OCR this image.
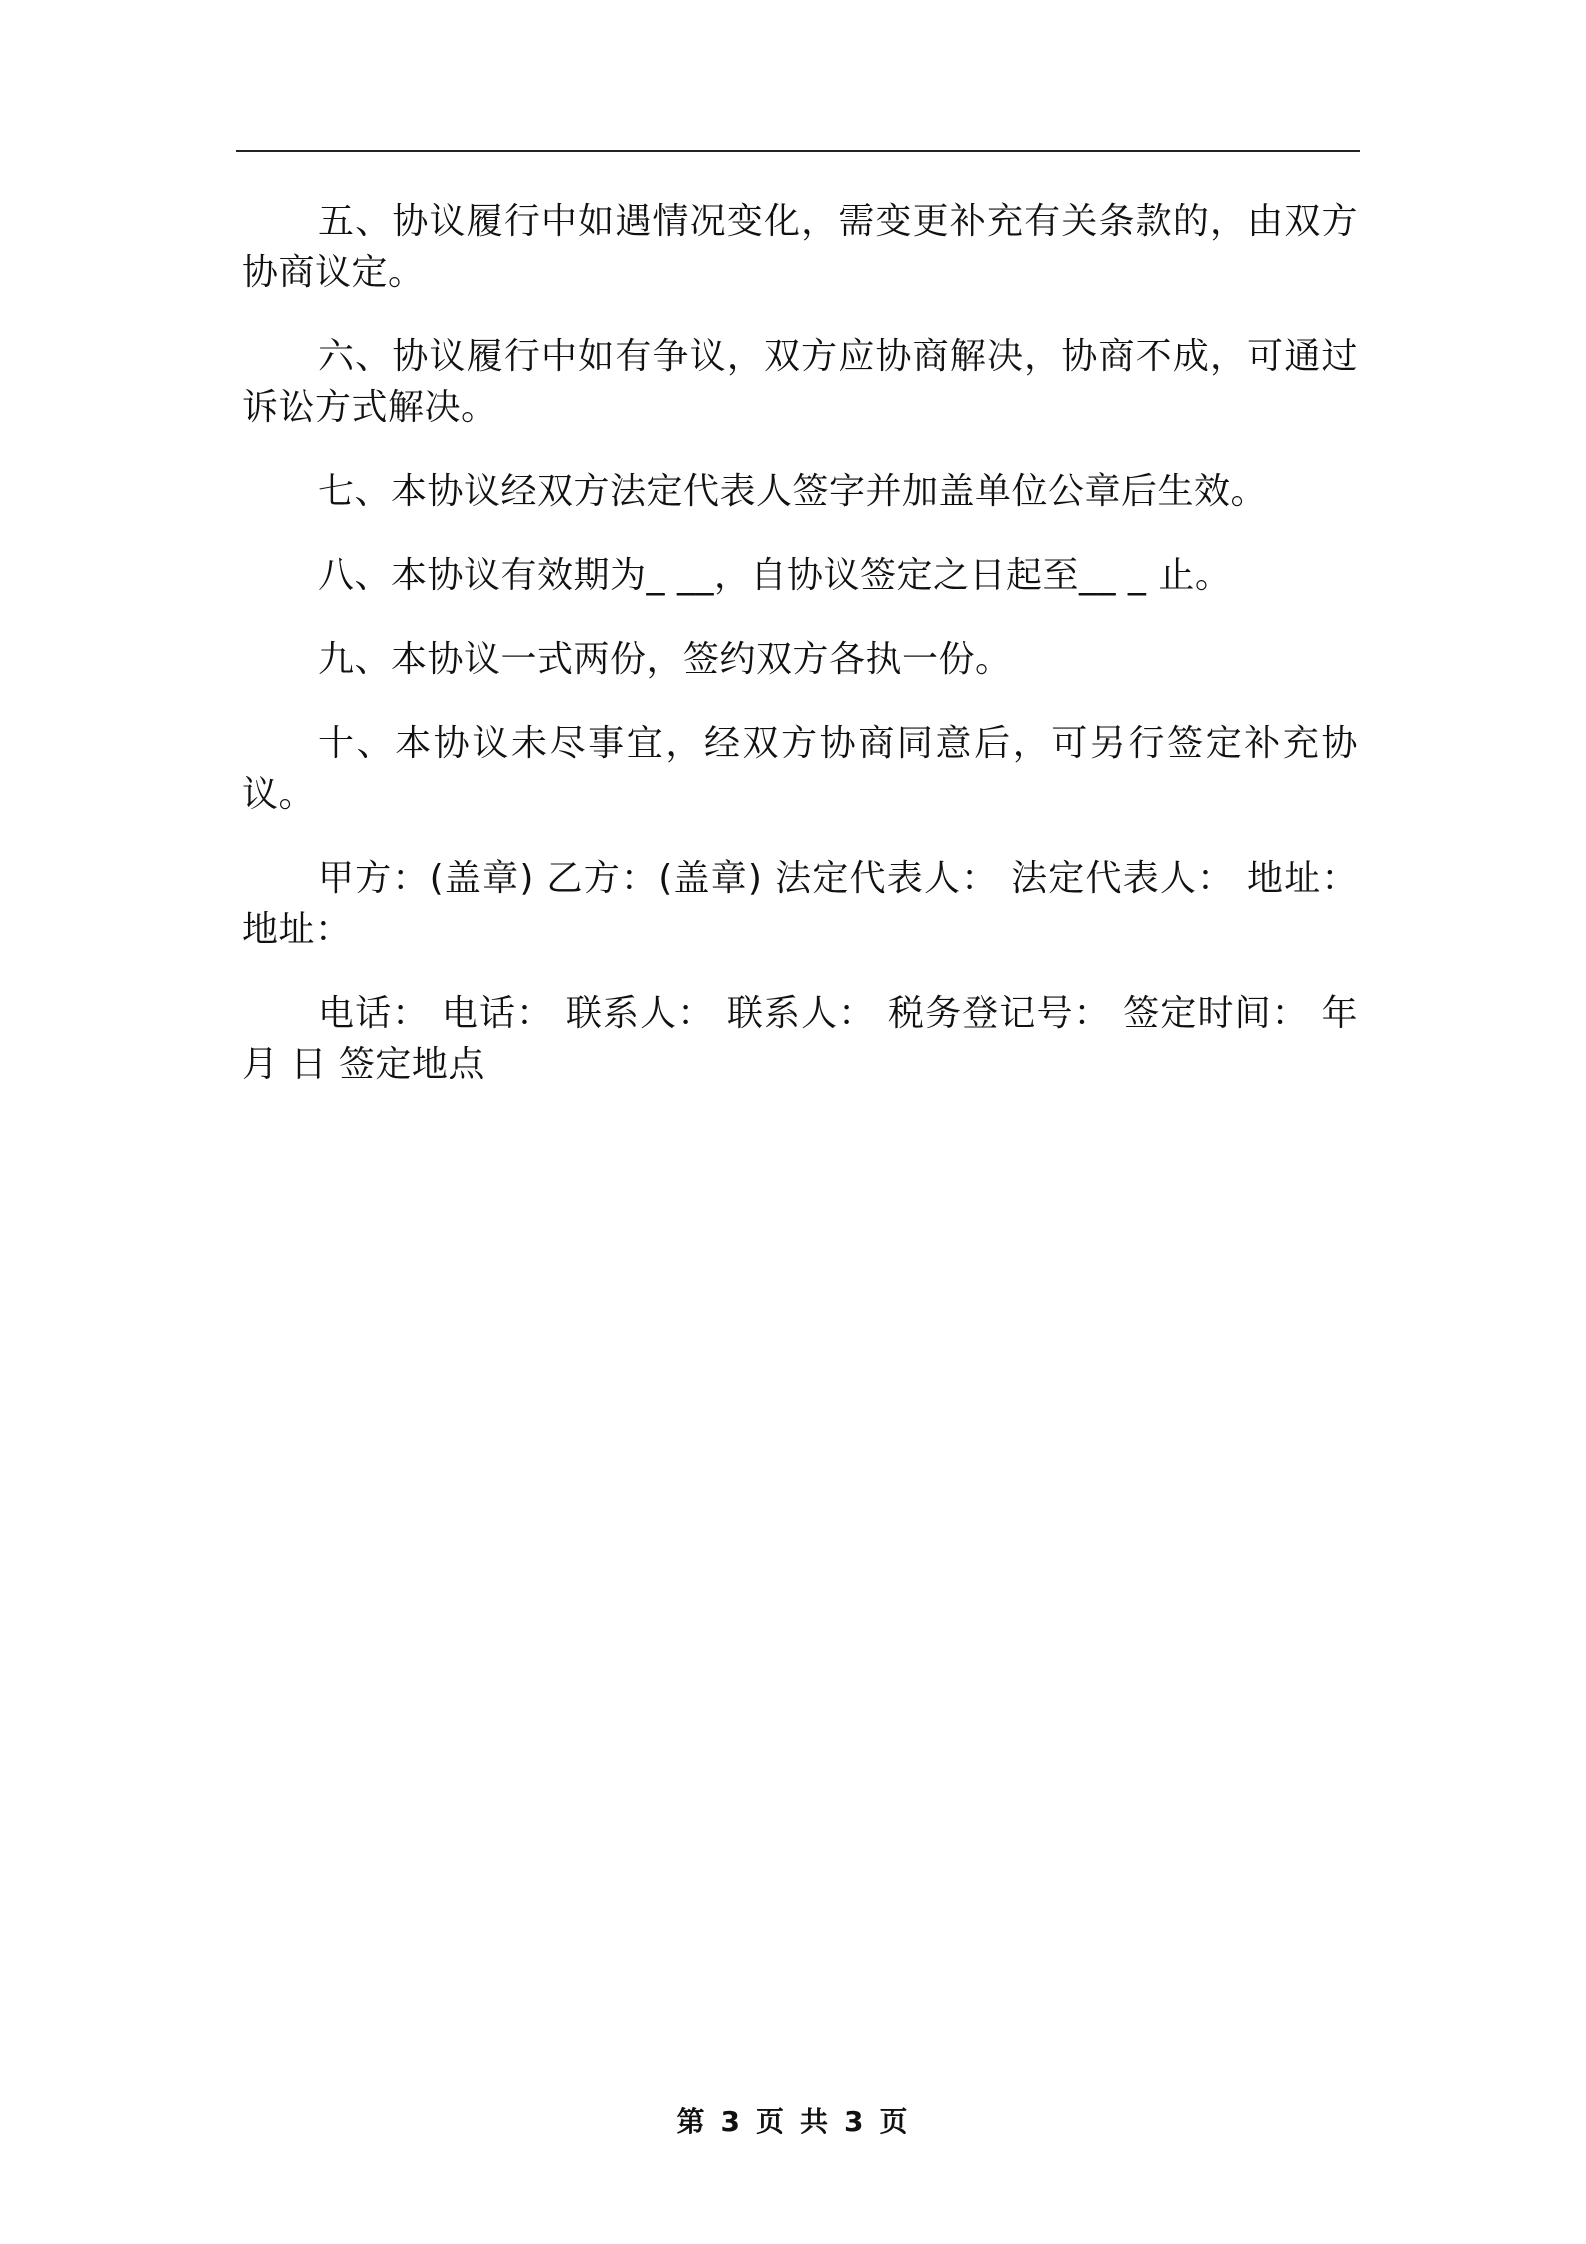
五、协议履行中如遇情况变化，需变更补充有关条款的，由双方协商议定。

六、协议履行中如有争议，双方应协商解决，协商不成，可通过诉讼方式解决。

七、本协议经双方法定代表人签字并加盖单位公章后生效。

八、本协议有效期为_ __，自协议签定之日起至__ _ 止。

九、本协议一式两份，签约双方各执一份。

十、本协议未尽事宜，经双方协商同意后，可另行签定补充协议。

甲方：(盖章) 乙方：(盖章) 法定代表人： 法定代表人： 地址：地址：

电话： 电话： 联系人： 联系人： 税务登记号： 签定时间： 年月 日 签定地点

第 3 页 共 3 页
